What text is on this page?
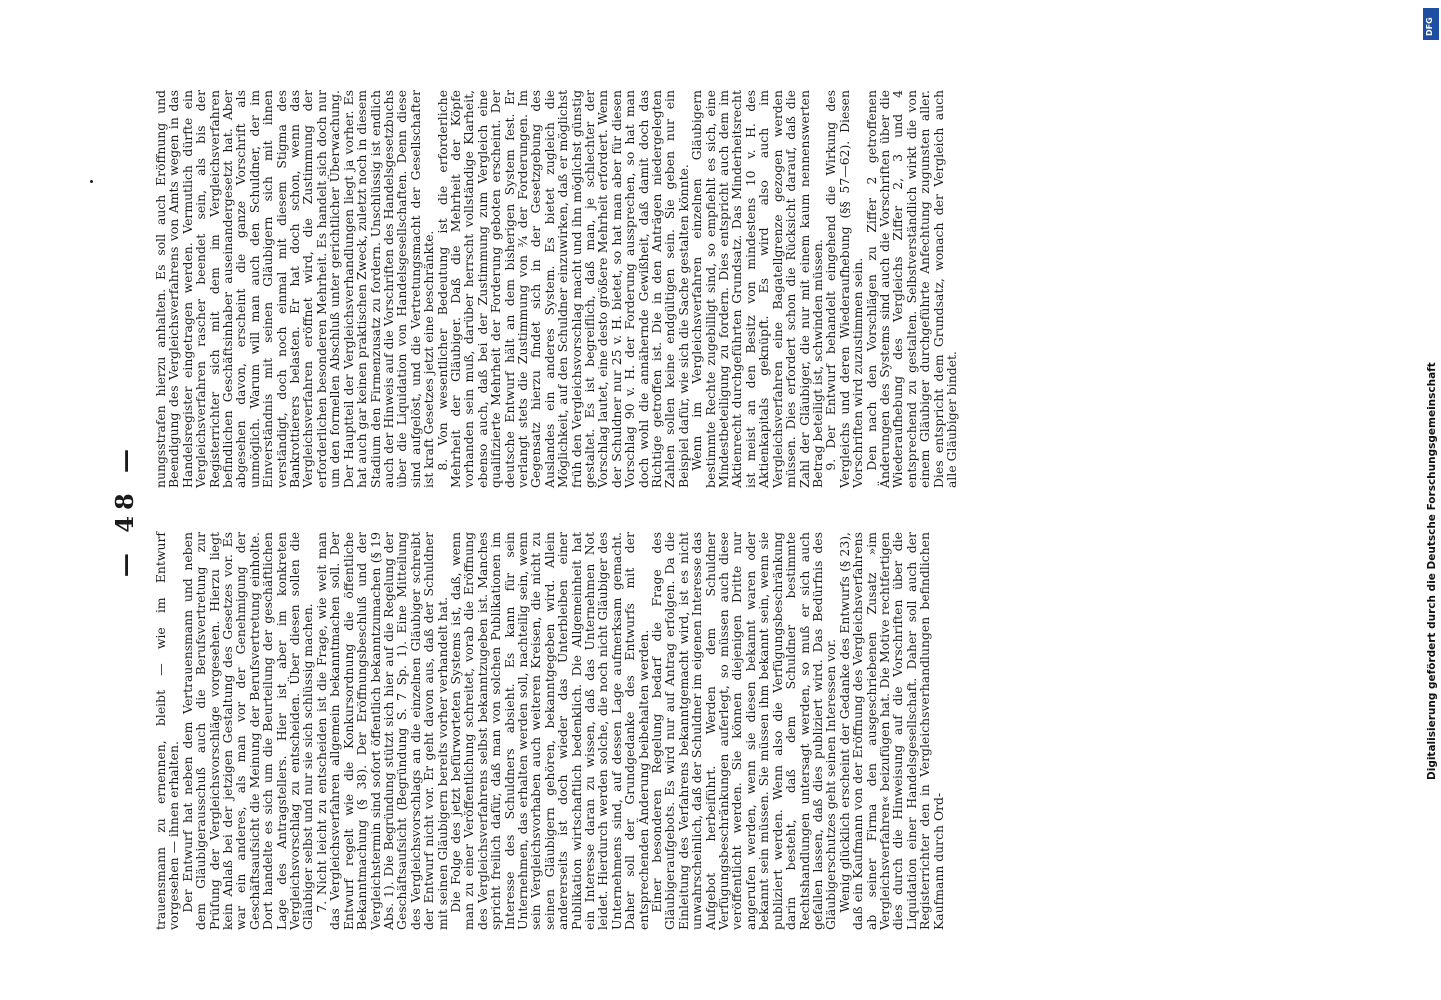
— 48 —

trauensmann zu ernennen, bleibt — wie im Entwurf vorgesehen — ihnen erhalten.

Der Entwurf hat neben dem Vertrauensmann und neben dem Gläubigerausschuß auch die Berufsvertretung zur Prüfung der Vergleichsvorschläge vorgesehen. Hierzu liegt kein Anlaß bei der jetzigen Gestaltung des Gesetzes vor. Es war ein anderes, als man vor der Genehmigung der Geschäftsaufsicht die Meinung der Berufsvertretung einholte. Dort handelte es sich um die Beurteilung der geschäftlichen Lage des Antragstellers. Hier ist aber im konkreten Vergleichsvorschlag zu entscheiden. Über diesen sollen die Gläubiger selbst und nur sie sich schlüssig machen.

7. Nicht leicht zu entscheiden ist die Frage, wie weit man das Vergleichsverfahren allgemein bekanntmachen soll. Der Entwurf regelt wie die Konkursordnung die öffentliche Bekanntmachung (§ 38). Der Eröffnungsbeschluß und der Vergleichstermin sind sofort öffentlich bekanntzumachen (§ 19 Abs. 1). Die Begründung stützt sich hier auf die Regelung der Geschäftsaufsicht (Begründung S. 7 Sp. 1). Eine Mitteilung des Vergleichsvorschlags an die einzelnen Gläubiger schreibt der Entwurf nicht vor. Er geht davon aus, daß der Schuldner mit seinen Gläubigern bereits vorher verhandelt hat.

Die Folge des jetzt befürworteten Systems ist, daß, wenn man zu einer Veröffentlichung schreitet, vorab die Eröffnung des Vergleichsverfahrens selbst bekanntzugeben ist. Manches spricht freilich dafür, daß man von solchen Publikationen im Interesse des Schuldners absieht. Es kann für sein Unternehmen, das erhalten werden soll, nachteilig sein, wenn sein Vergleichsvorhaben auch weiteren Kreisen, die nicht zu seinen Gläubigern gehören, bekanntgegeben wird. Allein andererseits ist doch wieder das Unterbleiben einer Publikation wirtschaftlich bedenklich. Die Allgemeinheit hat ein Interesse daran zu wissen, daß das Unternehmen Not leidet. Hierdurch werden solche, die noch nicht Gläubiger des Unternehmens sind, auf dessen Lage aufmerksam gemacht. Daher soll der Grundgedanke des Entwurfs mit der entsprechenden Änderung beibehalten werden.

Einer besonderen Regelung bedarf die Frage des Gläubigeraufgebots. Es wird nur auf Antrag erfolgen. Da die Einleitung des Verfahrens bekanntgemacht wird, ist es nicht unwahrscheinlich, daß der Schuldner im eigenen Interesse das Aufgebot herbeiführt. Werden dem Schuldner Verfügungsbeschränkungen auferlegt, so müssen auch diese veröffentlicht werden. Sie können diejenigen Dritte nur angerufen werden, wenn sie diesen bekannt waren oder bekannt sein müssen. Sie müssen ihm bekannt sein, wenn sie publiziert werden. Wenn also die Verfügungsbeschränkung darin besteht, daß dem Schuldner bestimmte Rechtshandlungen untersagt werden, so muß er sich auch gefallen lassen, daß dies publiziert wird. Das Bedürfnis des Gläubigerschutzes geht seinen Interessen vor.

Wenig glücklich erscheint der Gedanke des Entwurfs (§ 23), daß ein Kaufmann von der Eröffnung des Vergleichsverfahrens ab seiner Firma den ausgeschriebenen Zusatz »im Vergleichsverfahren« beizufügen hat. Die Motive rechtfertigen dies durch die Hinweisung auf die Vorschriften über die Liquidation einer Handelsgesellschaft. Daher soll auch der Registerrichter den in Vergleichsverhandlungen befindlichen Kaufmann durch Ord-

nungsstrafen hierzu anhalten. Es soll auch Eröffnung und Beendigung des Vergleichsverfahrens von Amts wegen in das Handelsregister eingetragen werden. Vermutlich dürfte ein Vergleichsverfahren rascher beendet sein, als bis der Registerrichter sich mit dem im Vergleichsverfahren befindlichen Geschäftsinhaber auseinandergesetzt hat. Aber abgesehen davon, erscheint die ganze Vorschrift als unmöglich. Warum will man auch den Schuldner, der im Einverständnis mit seinen Gläubigern sich mit ihnen verständigt, doch noch einmal mit diesem Stigma des Bankrottierers belasten. Er hat doch schon, wenn das Vergleichsverfahren eröffnet wird, die Zustimmung der erforderlichen besonderen Mehrheit. Es handelt sich doch nur um den formellen Abschluß unter gerichtlicher Überwachung. Der Hauptteil der Vergleichsverhandlungen liegt ja vorher. Es hat auch gar keinen praktischen Zweck, zuletzt noch in diesem Stadium den Firmenzusatz zu fordern. Unschlüssig ist endlich auch der Hinweis auf die Vorschriften des Handelsgesetzbuchs über die Liquidation von Handelsgesellschaften. Denn diese sind aufgelöst, und die Vertretungsmacht der Gesellschafter ist kraft Gesetzes jetzt eine beschränkte.

8. Von wesentlicher Bedeutung ist die erforderliche Mehrheit der Gläubiger. Daß die Mehrheit der Köpfe vorhanden sein muß, darüber herrscht vollständige Klarheit, ebenso auch, daß bei der Zustimmung zum Vergleich eine qualifizierte Mehrheit der Forderung geboten erscheint. Der deutsche Entwurf hält an dem bisherigen System fest. Er verlangt stets die Zustimmung von ¾ der Forderungen. Im Gegensatz hierzu findet sich in der Gesetzgebung des Auslandes ein anderes System. Es bietet zugleich die Möglichkeit, auf den Schuldner einzuwirken, daß er möglichst früh den Vergleichsvorschlag macht und ihn möglichst günstig gestaltet. Es ist begreiflich, daß man, je schlechter der Vorschlag lautet, eine desto größere Mehrheit erfordert. Wenn der Schuldner nur 25 v. H. bietet, so hat man aber für diesen Vorschlag 90 v. H. der Forderung aussprechen, so hat man doch wohl die annähernde Gewißheit, daß damit doch das Richtige getroffen ist. Die in den Anträgen niedergelegten Zahlen sollen keine endgültigen sein. Sie geben nur ein Beispiel dafür, wie sich die Sache gestalten könnte.

Wenn im Vergleichsverfahren einzelnen Gläubigern bestimmte Rechte zugebilligt sind, so empfiehlt es sich, eine Mindestbeteiligung zu fordern. Dies entspricht auch dem im Aktienrecht durchgeführten Grundsatz. Das Minderheitsrecht ist meist an den Besitz von mindestens 10 v. H. des Aktienkapitals geknüpft. Es wird also auch im Vergleichsverfahren eine Bagatellgrenze gezogen werden müssen. Dies erfordert schon die Rücksicht darauf, daß die Zahl der Gläubiger, die nur mit einem kaum nennenswerten Betrag beteiligt ist, schwinden müssen.

9. Der Entwurf behandelt eingehend die Wirkung des Vergleichs und deren Wiederaufhebung (§§ 57—62). Diesen Vorschriften wird zuzustimmen sein.

Den nach den Vorschlägen zu Ziffer 2 getroffenen Änderungen des Systems sind auch die Vorschriften über die Wiederaufhebung des Vergleichs Ziffer 2, 3 und 4 entsprechend zu gestalten. Selbstverständlich wirkt die von einem Gläubiger durchgeführte Anfechtung zugunsten aller. Dies entspricht dem Grundsatz, wonach der Vergleich auch alle Gläubiger bindet.

DFG
Digitalisierung gefördert durch die Deutsche Forschungsgemeinschaft
